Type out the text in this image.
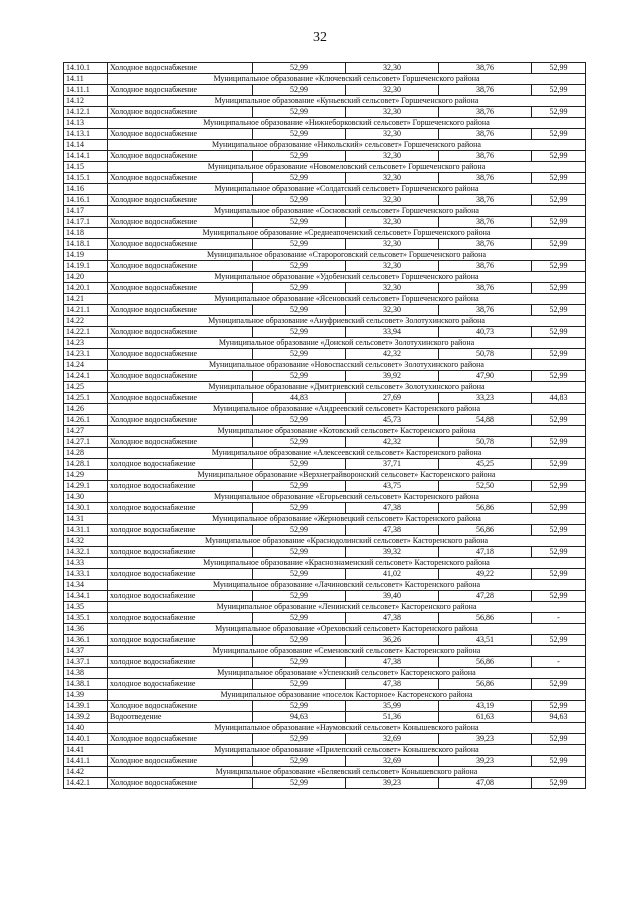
32
14.10.1	Холодное водоснабжение	52,99	32,30	38,76	52,99
14.11	Муниципальное образование «Ключевский сельсовет» Горшеченского района				
14.11.1	Холодное водоснабжение	52,99	32,30	38,76	52,99
14.12	Муниципальное образование «Куньевский сельсовет» Горшеченского района				
14.12.1	Холодное водоснабжение	52,99	32,30	38,76	52,99
14.13	Муниципальное образование «Нижнеборковский сельсовет» Горшеченского района				
14.13.1	Холодное водоснабжение	52,99	32,30	38,76	52,99
14.14	Муниципальное образование «Никольский» сельсовет» Горшеченского района				
14.14.1	Холодное водоснабжение	52,99	32,30	38,76	52,99
14.15	Муниципальное образование «Новомеловский сельсовет» Горшеченского района				
14.15.1	Холодное водоснабжение	52,99	32,30	38,76	52,99
14.16	Муниципальное образование «Солдатский сельсовет» Горшеченского района				
14.16.1	Холодное водоснабжение	52,99	32,30	38,76	52,99
14.17	Муниципальное образование «Сосновский сельсовет» Горшеченского района				
14.17.1	Холодное водоснабжение	52,99	32,30	38,76	52,99
14.18	Муниципальное образование «Среднеапоченский сельсовет» Горшеченского района				
14.18.1	Холодное водоснабжение	52,99	32,30	38,76	52,99
14.19	Муниципальное образование «Старороговский сельсовет» Горшеченского района				
14.19.1	Холодное водоснабжение	52,99	32,30	38,76	52,99
14.20	Муниципальное образование «Удобенский сельсовет» Горшеченского района				
14.20.1	Холодное водоснабжение	52,99	32,30	38,76	52,99
14.21	Муниципальное образование «Ясеновский сельсовет» Горшеченского района				
14.21.1	Холодное водоснабжение	52,99	32,30	38,76	52,99
14.22	Муниципальное образование «Ануфриевский сельсовет» Золотухинского района				
14.22.1	Холодное водоснабжение	52,99	33,94	40,73	52,99
14.23	Муниципальное образование «Донской сельсовет» Золотухинского района				
14.23.1	Холодное водоснабжение	52,99	42,32	50,78	52,99
14.24	Муниципальное образование «Новоспасский сельсовет» Золотухинского района				
14.24.1	Холодное водоснабжение	52,99	39,92	47,90	52,99
14.25	Муниципальное образование «Дмитриевский сельсовет» Золотухинского района				
14.25.1	Холодное водоснабжение	44,83	27,69	33,23	44,83
14.26	Муниципальное образование «Андреевский сельсовет» Касторенского района				
14.26.1	Холодное водоснабжение	52,99	45,73	54,88	52,99
14.27	Муниципальное образование «Котовский сельсовет» Касторенского района				
14.27.1	Холодное водоснабжение	52,99	42,32	50,78	52,99
14.28	Муниципальное образование «Алексеевский сельсовет» Касторенского района				
14.28.1	холодное водоснабжение	52,99	37,71	45,25	52,99
14.29	Муниципальное образование «Верхнеграйворонский сельсовет» Касторенского района				
14.29.1	холодное водоснабжение	52,99	43,75	52,50	52,99
14.30	Муниципальное образование «Егорьевский сельсовет» Касторенского района				
14.30.1	холодное водоснабжение	52,99	47,38	56,86	52,99
14.31	Муниципальное образование «Жерновецкий сельсовет» Касторенского района				
14.31.1	холодное водоснабжение	52,99	47,38	56,86	52,99
14.32	Муниципальное образование «Краснодолинский сельсовет» Касторенского района				
14.32.1	холодное водоснабжение	52,99	39,32	47,18	52,99
14.33	Муниципальное образование «Краснознаменский сельсовет» Касторенского района				
14.33.1	холодное водоснабжение	52,99	41,02	49,22	52,99
14.34	Муниципальное образование «Лачиновский сельсовет» Касторенского района				
14.34.1	холодное водоснабжение	52,99	39,40	47,28	52,99
14.35	Муниципальное образование «Ленинский сельсовет» Касторенского района				
14.35.1	холодное водоснабжение	52,99	47,38	56,86	-
14.36	Муниципальное образование «Ореховский сельсовет» Касторенского района				
14.36.1	холодное водоснабжение	52,99	36,26	43,51	52,99
14.37	Муниципальное образование «Семеновский сельсовет» Касторенского района				
14.37.1	холодное водоснабжение	52,99	47,38	56,86	-
14.38	Муниципальное образование «Успенский сельсовет» Касторенского района				
14.38.1	холодное водоснабжение	52,99	47,38	56,86	52,99
14.39	Муниципальное образование «поселок Касторное» Касторенского района				
14.39.1	Холодное водоснабжение	52,99	35,99	43,19	52,99
14.39.2	Водоотведение	94,63	51,36	61,63	94,63
14.40	Муниципальное образование «Наумовский сельсовет» Конышевского района				
14.40.1	Холодное водоснабжение	52,99	32,69	39,23	52,99
14.41	Муниципальное образование «Прилепский сельсовет» Конышевского района				
14.41.1	Холодное водоснабжение	52,99	32,69	39,23	52,99
14.42	Муниципальное образование «Беляевский сельсовет» Конышевского района				
14.42.1	Холодное водоснабжение	52,99	39,23	47,08	52,99
